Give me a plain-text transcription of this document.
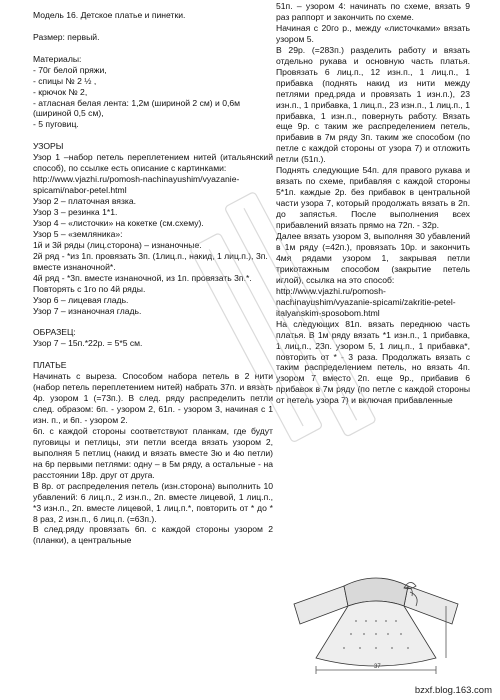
Модель 16. Детское платье и пинетки.

Размер: первый.

Материалы:

- 70г белой пряжи,

- спицы № 2 ½ ,

- крючок № 2,

- атласная белая лента: 1,2м (шириной 2 см) и 0,6м (шириной 0,5 см),

- 5 пуговиц.

УЗОРЫ

Узор 1 –набор петель переплетением нитей (итальянский способ), по ссылке есть описание с картинками:

http://www.vjazhi.ru/pomosh-nachinayushim/vyazanie-spicami/nabor-petel.html

Узор 2 – платочная вязка.

Узор 3 – резинка 1*1.

Узор 4 – «листочки» на кокетке (см.схему).

Узор 5 – «земляника»:

1й и 3й ряды (лиц.сторона) – изнаночные.

2й ряд - *из 1п. провязать 3п. (1лиц.п., накид, 1 лиц.п.), 3п. вместе изнаночной*.

4й ряд - *3п. вместе изнаночной, из 1п. провязать 3п.*.

Повторять с 1го по 4й ряды.

Узор 6 – лицевая гладь.

Узор 7 – изнаночная гладь.

ОБРАЗЕЦ:

Узор 7 – 15п.*22р. = 5*5 см.

ПЛАТЬЕ

Начинать с выреза. Способом набора петель в 2 нити (набор петель переплетением нитей) набрать 37п. и вязать 4р. узором 1 (=73п.). В след. ряду распределить петли след. образом: 6п. - узором 2, 61п. - узором 3, начиная с 1 изн. п., и 6п. - узором 2.

6п. с каждой стороны соответствуют планкам, где будут пуговицы и петлицы, эти петли всегда вязать узором 2, выполняя 5 петлиц (накид и вязать вместе 3ю и 4ю петли) на 6р первыми петлями: одну – в 5м ряду, а остальные - на расстоянии 18р. друг от друга.

В 8р. от распределения петель (изн.сторона) выполнить 10 убавлений: 6 лиц.п., 2 изн.п., 2п. вместе лицевой, 1 лиц.п., *3 изн.п., 2п. вместе лицевой, 1 лиц.п.*, повторить от * до * 8 раз, 2 изн.п., 6 лиц.п. (=63п.).

В след.ряду провязать 6п. с каждой стороны узором 2 (планки), а центральные

51п. – узором 4: начинать по схеме, вязать 9 раз раппорт и закончить по схеме.

Начиная с 20го р., между «листочками» вязать узором 5.

В 29р. (=283п.) разделить работу и вязать отдельно рукава и основную часть платья. Провязать 6 лиц.п., 12 изн.п., 1 лиц.п., 1 прибавка (поднять накид из нити между петлями пред.ряда и провязать 1 изн.п.), 23 изн.п., 1 прибавка, 1 лиц.п., 23 изн.п., 1 лиц.п., 1 прибавка, 1 изн.п., повернуть работу. Вязать еще 9р. с таким же распределением петель, прибавив в 7м ряду 3п. таким же способом (по петле с каждой стороны от узора 7) и отложить петли (51п.).

Поднять следующие 54п. для правого рукава и вязать по схеме, прибавляя с каждой стороны 5*1п. каждые 2р. без прибавок в центральной части узора 7, который продолжать вязать в 2п. до запястья. После выполнения всех прибавлений вязать прямо на 72п. - 32р.

Далее вязать узором 3, выполняя 30 убавлений в 1м ряду (=42п.), провязать 10р. и закончить 4мя рядами узором 1, закрывая петли трикотажным способом (закрытие петель иглой), ссылка на это способ:

http://www.vjazhi.ru/pomosh-nachinayushim/vyazanie-spicami/zakritie-petel-italyanskim-sposobom.html

На следующих 81п. вязать переднюю часть платья. В 1м ряду вязать *1 изн.п., 1 прибавка, 1 лиц.п., 23п. узором 5, 1 лиц.п., 1 прибавка*, повторить от * - 3 раза. Продолжать вязать с таким распределением петель, но вязать 4п. узором 7 вместо 2п. еще 9р., прибавив 6 прибавок в 7м ряду (по петле с каждой стороны от петель узора 7) и включая прибавленные

37
bzxf.blog.163.com
